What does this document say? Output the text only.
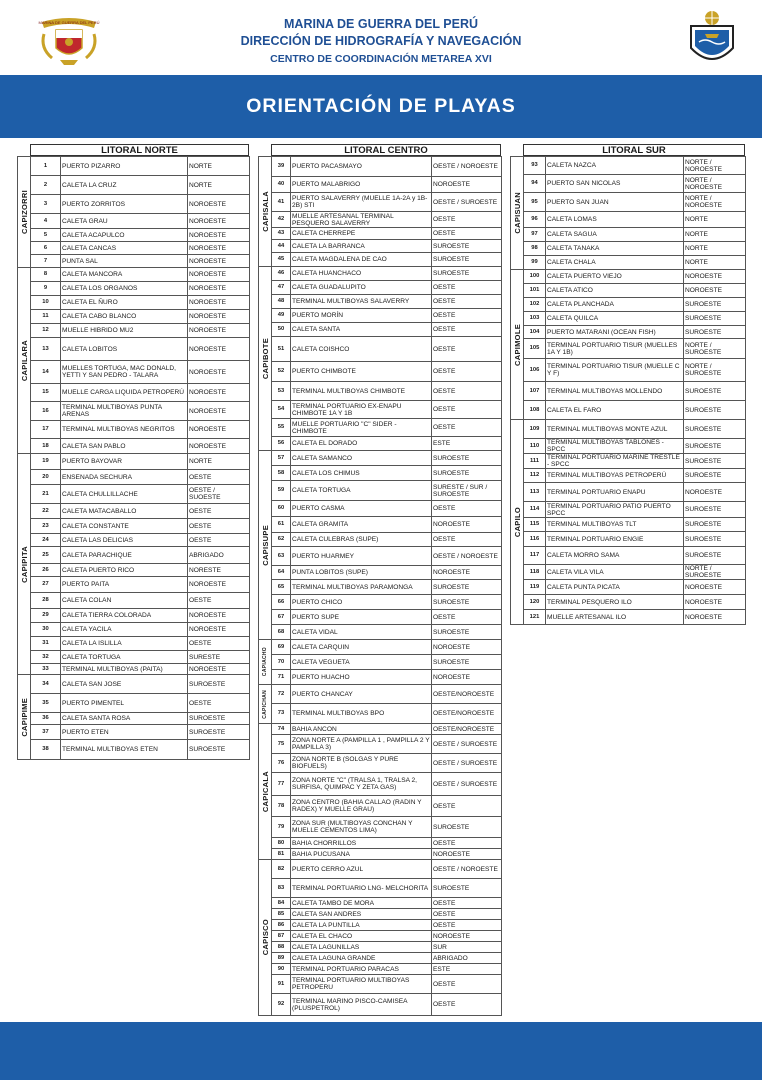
MARINA DE GUERRA DEL PERÚ	MARINA DE GUERRA DEL PERÚ
DIRECCIÓN DE HIDROGRAFÍA Y NAVEGACIÓN
CENTRO DE COORDINACIÓN METAREA XVI
ORIENTACIÓN DE PLAYAS
LITORAL NORTE
CAPIZORRI	1	PUERTO PIZARRO	NORTE
	2	CALETA LA CRUZ	NORTE
	3	PUERTO ZORRITOS	NOROESTE
	4	CALETA GRAU	NOROESTE
	5	CALETA ACAPULCO	NOROESTE
	6	CALETA CANCAS	NOROESTE
	7	PUNTA SAL	NOROESTE

CAPILARA	8	CALETA MANCORA	NOROESTE
	9	CALETA LOS ORGANOS	NOROESTE
	10	CALETA EL ÑURO	NOROESTE
	11	CALETA CABO BLANCO	NOROESTE
	12	MUELLE HIBRIDO MU2	NOROESTE
	13	CALETA LOBITOS	NOROESTE
	14	MUELLES TORTUGA, MAC DONALD, YETTI Y SAN PEDRO - TALARA	NOROESTE
	15	MUELLE CARGA LIQUIDA PETROPERÚ	NOROESTE
	16	TERMINAL MULTIBOYAS PUNTA ARENAS	NOROESTE
	17	TERMINAL MULTIBOYAS NEGRITOS	NOROESTE
	18	CALETA SAN PABLO	NOROESTE

CAPIPITA	19	PUERTO BAYOVAR	NORTE
	20	ENSENADA SECHURA	OESTE
	21	CALETA CHULLILLACHE	OESTE / SUOESTE
	22	CALETA MATACABALLO	OESTE
	23	CALETA CONSTANTE	OESTE
	24	CALETA LAS DELICIAS	OESTE
	25	CALETA PARACHIQUE	ABRIGADO
	26	CALETA PUERTO RICO	NORESTE
	27	PUERTO PAITA	NOROESTE
	28	CALETA COLAN	OESTE
	29	CALETA TIERRA COLORADA	NOROESTE
	30	CALETA YACILA	NOROESTE
	31	CALETA LA ISLILLA	OESTE
	32	CALETA TORTUGA	SURESTE
	33	TERMINAL MULTIBOYAS (PAITA)	NOROESTE

CAPIPIME	34	CALETA SAN JOSE	SUROESTE
	35	PUERTO PIMENTEL	OESTE
	36	CALETA SANTA ROSA	SUROESTE
	37	PUERTO ETEN	SUROESTE
	38	TERMINAL MULTIBOYAS ETEN	SUROESTE
LITORAL CENTRO
CAPISALA	39	PUERTO PACASMAYO	OESTE / NOROESTE
	40	PUERTO MALABRIGO	NOROESTE
	41	PUERTO SALAVERRY (MUELLE 1A-2A y 1B-2B) STI	OESTE / SUROESTE
	42	MUELLE ARTESANAL TERMINAL PESQUERO SALAVERRY	OESTE
	43	CALETA CHERREPE	OESTE
	44	CALETA LA BARRANCA	SUROESTE
	45	CALETA MAGDALENA DE CAO	SUROESTE

CAPIBOTE	46	CALETA HUANCHACO	SUROESTE
	47	CALETA GUADALUPITO	OESTE
	48	TERMINAL MULTIBOYAS SALAVERRY	OESTE
	49	PUERTO MORÍN	OESTE
	50	CALETA SANTA	OESTE
	51	CALETA COISHCO	OESTE
	52	PUERTO CHIMBOTE	OESTE
	53	TERMINAL MULTIBOYAS CHIMBOTE	OESTE
	54	TERMINAL PORTUARIO EX-ENAPU CHIMBOTE 1A Y 1B	OESTE
	55	MUELLE PORTUARIO "C" SIDER - CHIMBOTE	OESTE
	56	CALETA EL DORADO	ESTE

CAPISUPE	57	CALETA SAMANCO	SUROESTE
	58	CALETA LOS CHIMUS	SUROESTE
	59	CALETA TORTUGA	SURESTE / SUR / SUROESTE
	60	PUERTO CASMA	OESTE
	61	CALETA GRAMITA	NOROESTE
	62	CALETA CULEBRAS (SUPE)	OESTE
	63	PUERTO HUARMEY	OESTE / NOROESTE
	64	PUNTA LOBITOS (SUPE)	NOROESTE
	65	TERMINAL MULTIBOYAS PARAMONGA	SUROESTE
	66	PUERTO CHICO	SUROESTE
	67	PUERTO SUPE	OESTE
	68	CALETA VIDAL	SUROESTE

CAPIACHO	69	CALETA CARQUIN	NOROESTE
	70	CALETA VEGUETA	SUROESTE
	71	PUERTO HUACHO	NOROESTE

CAPICHAN	72	PUERTO CHANCAY	OESTE/NOROESTE
	73	TERMINAL MULTIBOYAS BPO	OESTE/NOROESTE

CAPICALA	74	BAHIA ANCON	OESTE/NOROESTE
	75	ZONA NORTE A (PAMPILLA 1 , PAMPILLA 2 Y PAMPILLA 3)	OESTE / SUROESTE
	76	ZONA NORTE B (SOLGAS Y PURE BIOFUELS)	OESTE / SUROESTE
	77	ZONA NORTE "C" (TRALSA 1, TRALSA 2, SURFISA, QUIMPAC Y ZETA GAS)	OESTE / SUROESTE
	78	ZONA CENTRO (BAHIA CALLAO (RADIN Y RADEX) Y MUELLE GRAU)	OESTE
	79	ZONA SUR (MULTIBOYAS CONCHAN Y MUELLE CEMENTOS LIMA)	SUROESTE
	80	BAHIA CHORRILLOS	OESTE
	81	BAHIA PUCUSANA	NOROESTE

CAPISCO	82	PUERTO CERRO AZUL	OESTE / NOROESTE
	83	TERMINAL PORTUARIO LNG- MELCHORITA	SUROESTE
	84	CALETA TAMBO DE MORA	OESTE
	85	CALETA SAN ANDRES	OESTE
	86	CALETA LA PUNTILLA	OESTE
	87	CALETA EL CHACO	NOROESTE
	88	CALETA LAGUNILLAS	SUR
	89	CALETA LAGUNA GRANDE	ABRIGADO
	90	TERMINAL PORTUARIO PARACAS	ESTE
	91	TERMINAL PORTUARIO MULTIBOYAS PETROPERU	OESTE
	92	TERMINAL MARINO PISCO-CAMISEA (PLUSPETROL)	OESTE
LITORAL SUR
CAPISUAN	93	CALETA NAZCA	NORTE / NOROESTE
	94	PUERTO SAN NICOLAS	NORTE / NOROESTE
	95	PUERTO SAN JUAN	NORTE / NOROESTE
	96	CALETA LOMAS	NORTE
	97	CALETA SAGUA	NORTE
	98	CALETA TANAKA	NORTE
	99	CALETA CHALA	NORTE

CAPIMOLE	100	CALETA PUERTO VIEJO	NOROESTE
	101	CALETA ATICO	NOROESTE
	102	CALETA PLANCHADA	SUROESTE
	103	CALETA QUILCA	SUROESTE
	104	PUERTO MATARANI (OCEAN FISH)	SUROESTE
	105	TERMINAL PORTUARIO TISUR (MUELLES 1A Y 1B)	NORTE / SUROESTE
	106	TERMINAL PORTUARIO TISUR (MUELLE C Y F)	NORTE / SUROESTE
	107	TERMINAL MULTIBOYAS MOLLENDO	SUROESTE
	108	CALETA EL FARO	SUROESTE

CAPILO	109	TERMINAL MULTIBOYAS MONTE AZUL	SUROESTE
	110	TERMINAL MULTIBOYAS TABLONES - SPCC	SUROESTE
	111	TERMINAL PORTUARIO MARINE TRESTLE - SPCC	SUROESTE
	112	TERMINAL MULTIBOYAS PETROPERÚ	SUROESTE
	113	TERMINAL PORTUARIO ENAPU	NOROESTE
	114	TERMINAL PORTUARIO PATIO PUERTO SPCC	SUROESTE
	115	TERMINAL MULTIBOYAS TLT	SUROESTE
	116	TERMINAL PORTUARIO ENGIE	SUROESTE
	117	CALETA MORRO SAMA	SUROESTE
	118	CALETA VILA VILA	NORTE / SUROESTE
	119	CALETA PUNTA PICATA	NOROESTE
	120	TERMINAL PESQUERO ILO	NOROESTE
	121	MUELLE ARTESANAL ILO	NOROESTE
